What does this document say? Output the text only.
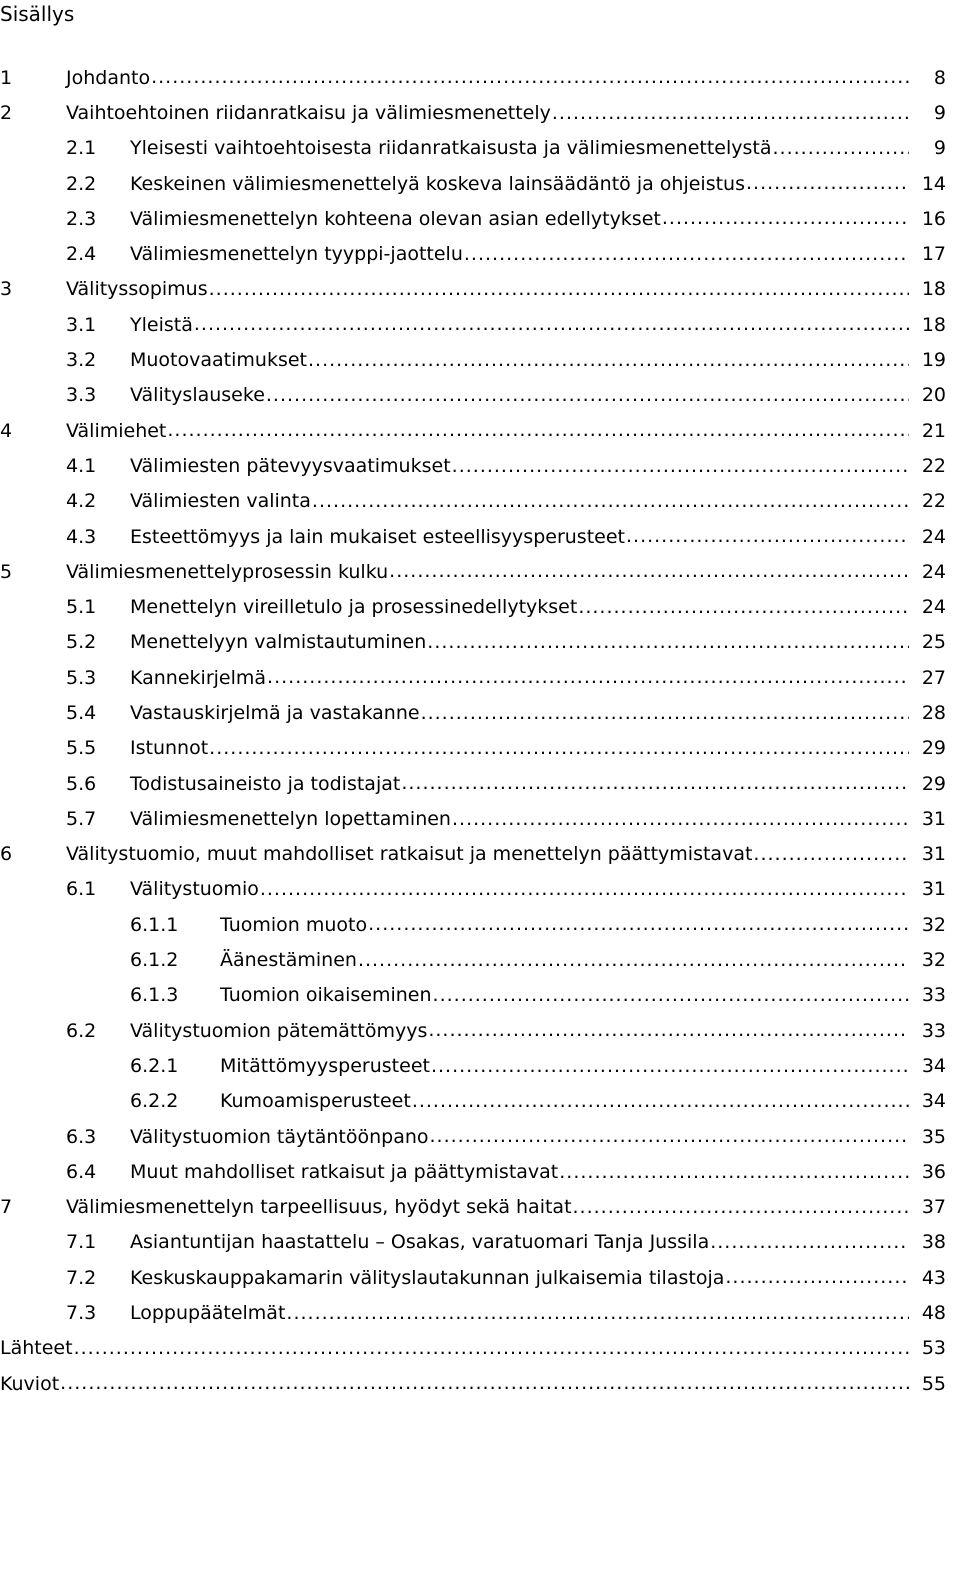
Sisällys
1	Johdanto .....	8
2	Vaihtoehtoinen riidanratkaisu ja välimiesmenettely .....	9
2.1	Yleisesti vaihtoehtoisesta riidanratkaisusta ja välimiesmenettelystä .....	9
2.2	Keskeinen välimiesmenettelyä koskeva lainsäädäntö ja ohjeistus .....	14
2.3	Välimiesmenettelyn kohteena olevan asian edellytykset .....	16
2.4	Välimiesmenettelyn tyyppi-jaottelu .....	17
3	Välityssopimus .....	18
3.1	Yleistä .....	18
3.2	Muotovaatimukset .....	19
3.3	Välityslauseke .....	20
4	Välimiehet .....	21
4.1	Välimiesten pätevyysvaatimukset .....	22
4.2	Välimiesten valinta .....	22
4.3	Esteettömyys ja lain mukaiset esteellisyysperusteet .....	24
5	Välimiesmenettelyprosessin kulku .....	24
5.1	Menettelyn vireilletulo ja prosessinedellytykset .....	24
5.2	Menettelyyn valmistautuminen .....	25
5.3	Kannekirjelmä .....	27
5.4	Vastauskirjelmä ja vastakanne .....	28
5.5	Istunnot .....	29
5.6	Todistusaineisto ja todistajat .....	29
5.7	Välimiesmenettelyn lopettaminen .....	31
6	Välitystuomio, muut mahdolliset ratkaisut ja menettelyn päättymistavat .....	31
6.1	Välitystuomio .....	31
6.1.1	Tuomion muoto .....	32
6.1.2	Äänestäminen .....	32
6.1.3	Tuomion oikaiseminen .....	33
6.2	Välitystuomion pätemättömyys .....	33
6.2.1	Mitättömyysperusteet .....	34
6.2.2	Kumoamisperusteet .....	34
6.3	Välitystuomion täytäntöönpano .....	35
6.4	Muut mahdolliset ratkaisut ja päättymistavat .....	36
7	Välimiesmenettelyn tarpeellisuus, hyödyt sekä haitat .....	37
7.1	Asiantuntijan haastattelu – Osakas, varatuomari Tanja Jussila .....	38
7.2	Keskuskauppakamarin välityslautakunnan julkaisemia tilastoja .....	43
7.3	Loppupäätelmät .....	48
Lähteet .....	53
Kuviot .....	55
